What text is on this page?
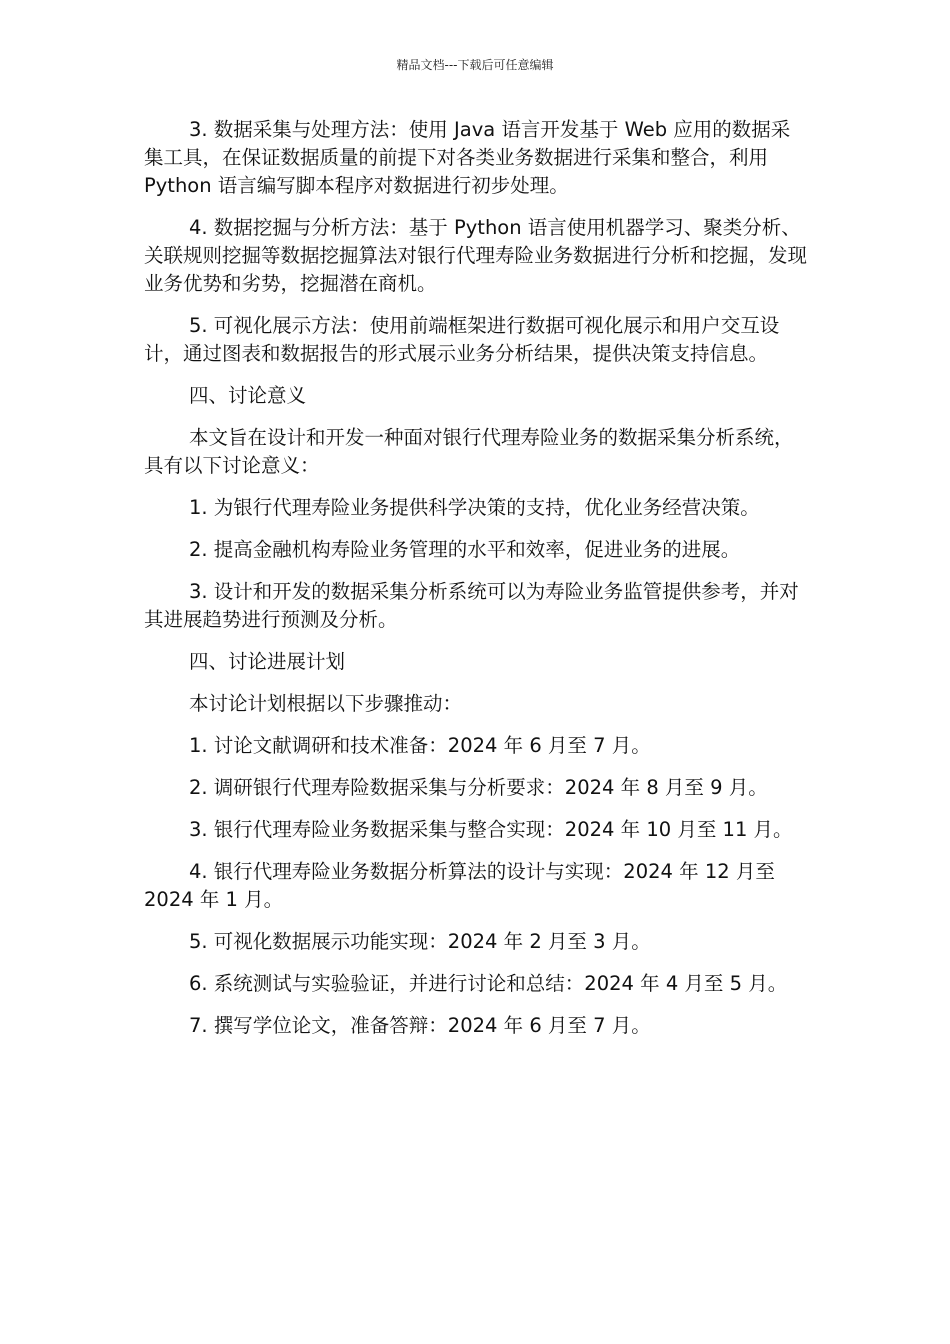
精品文档---下载后可任意编辑

3. 数据采集与处理方法：使用 Java 语言开发基于 Web 应用的数据采集工具，在保证数据质量的前提下对各类业务数据进行采集和整合，利用 Python 语言编写脚本程序对数据进行初步处理。

4. 数据挖掘与分析方法：基于 Python 语言使用机器学习、聚类分析、关联规则挖掘等数据挖掘算法对银行代理寿险业务数据进行分析和挖掘，发现业务优势和劣势，挖掘潜在商机。

5. 可视化展示方法：使用前端框架进行数据可视化展示和用户交互设计，通过图表和数据报告的形式展示业务分析结果，提供决策支持信息。

四、讨论意义

本文旨在设计和开发一种面对银行代理寿险业务的数据采集分析系统，具有以下讨论意义：

1. 为银行代理寿险业务提供科学决策的支持，优化业务经营决策。

2. 提高金融机构寿险业务管理的水平和效率，促进业务的进展。

3. 设计和开发的数据采集分析系统可以为寿险业务监管提供参考，并对其进展趋势进行预测及分析。

四、讨论进展计划

本讨论计划根据以下步骤推动：

1. 讨论文献调研和技术准备：2024 年 6 月至 7 月。

2. 调研银行代理寿险数据采集与分析要求：2024 年 8 月至 9 月。

3. 银行代理寿险业务数据采集与整合实现：2024 年 10 月至 11 月。

4. 银行代理寿险业务数据分析算法的设计与实现：2024 年 12 月至 2024 年 1 月。

5. 可视化数据展示功能实现：2024 年 2 月至 3 月。

6. 系统测试与实验验证，并进行讨论和总结：2024 年 4 月至 5 月。

7. 撰写学位论文，准备答辩：2024 年 6 月至 7 月。
